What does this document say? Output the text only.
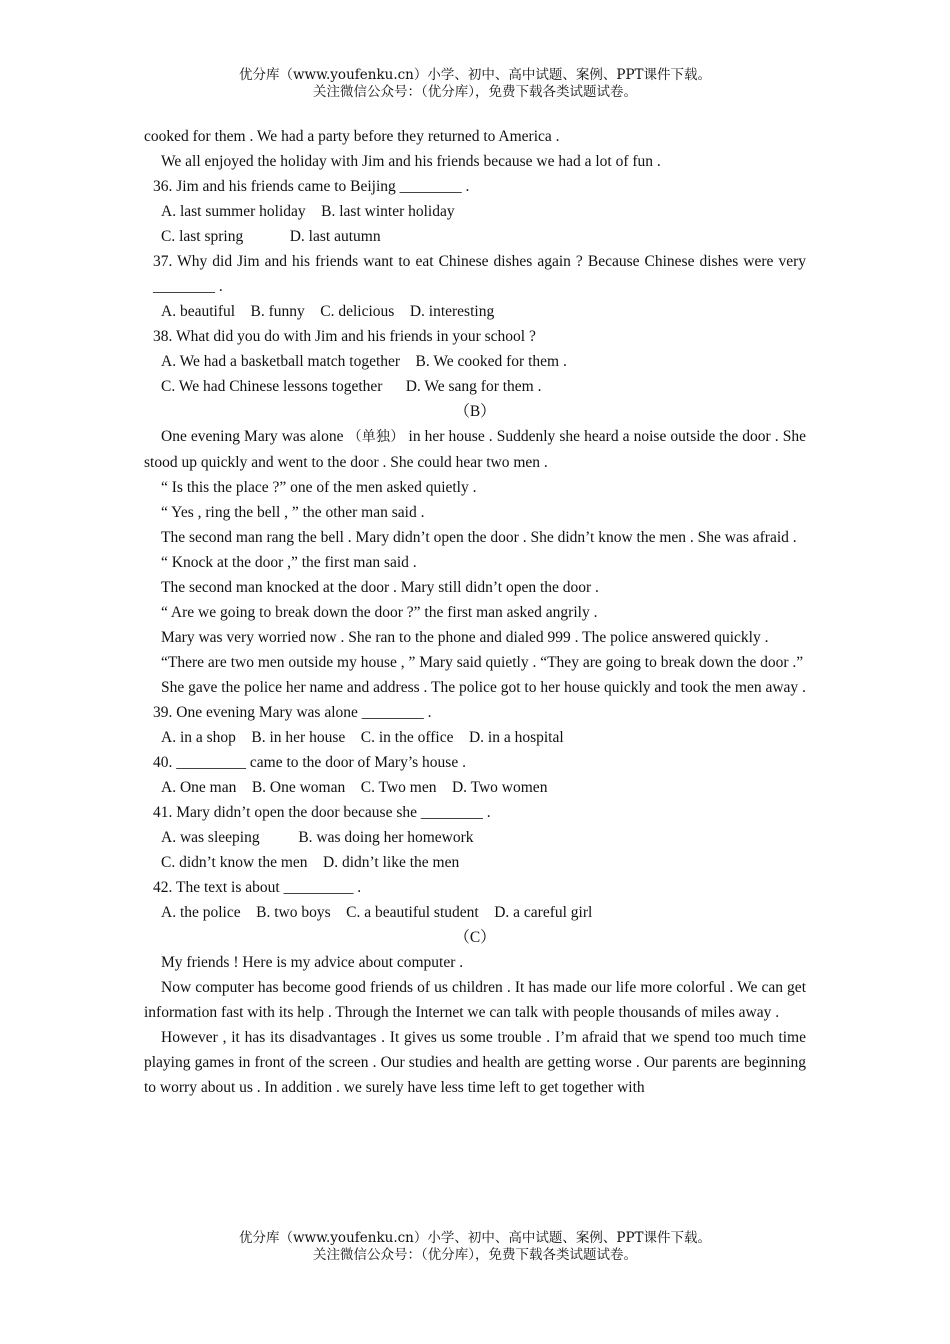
优分库（www.youfenku.cn）小学、初中、高中试题、案例、PPT课件下载。
关注微信公众号：（优分库），免费下载各类试题试卷。
cooked for them . We had a party before they returned to America .
We all enjoyed the holiday with Jim and his friends because we had a lot of fun .
36. Jim and his friends came to Beijing ________ .
A. last summer holiday    B. last winter holiday
C. last spring            D. last autumn
37. Why did Jim and his friends want to eat Chinese dishes again ? Because Chinese dishes were very ________ .
A. beautiful    B. funny    C. delicious    D. interesting
38. What did you do with Jim and his friends in your school ?
A. We had a basketball match together    B. We cooked for them .
C. We had Chinese lessons together      D. We sang for them .
（B）
One evening Mary was alone （单独） in her house . Suddenly she heard a noise outside the door . She stood up quickly and went to the door . She could hear two men .
“ Is this the place ?” one of the men asked quietly .
“ Yes , ring the bell , ” the other man said .
The second man rang the bell . Mary didn’t open the door . She didn’t know the men . She was afraid .
“ Knock at the door ,” the first man said .
The second man knocked at the door . Mary still didn’t open the door .
“ Are we going to break down the door ?” the first man asked angrily .
Mary was very worried now . She ran to the phone and dialed 999 . The police answered quickly .
“There are two men outside my house , ” Mary said quietly . “They are going to break down the door .”
She gave the police her name and address . The police got to her house quickly and took the men away .
39. One evening Mary was alone ________ .
A. in a shop    B. in her house    C. in the office    D. in a hospital
40. _________ came to the door of Mary’s house .
A. One man    B. One woman    C. Two men    D. Two women
41. Mary didn’t open the door because she ________ .
A. was sleeping          B. was doing her homework
C. didn’t know the men    D. didn’t like the men
42. The text is about _________ .
A. the police    B. two boys    C. a beautiful student    D. a careful girl
（C）
My friends ! Here is my advice about computer .
Now computer has become good friends of us children . It has made our life more colorful . We can get information fast with its help . Through the Internet we can talk with people thousands of miles away .
However , it has its disadvantages . It gives us some trouble . I’m afraid that we spend too much time playing games in front of the screen . Our studies and health are getting worse . Our parents are beginning to worry about us . In addition . we surely have less time left to get together with
优分库（www.youfenku.cn）小学、初中、高中试题、案例、PPT课件下载。
关注微信公众号：（优分库），免费下载各类试题试卷。
